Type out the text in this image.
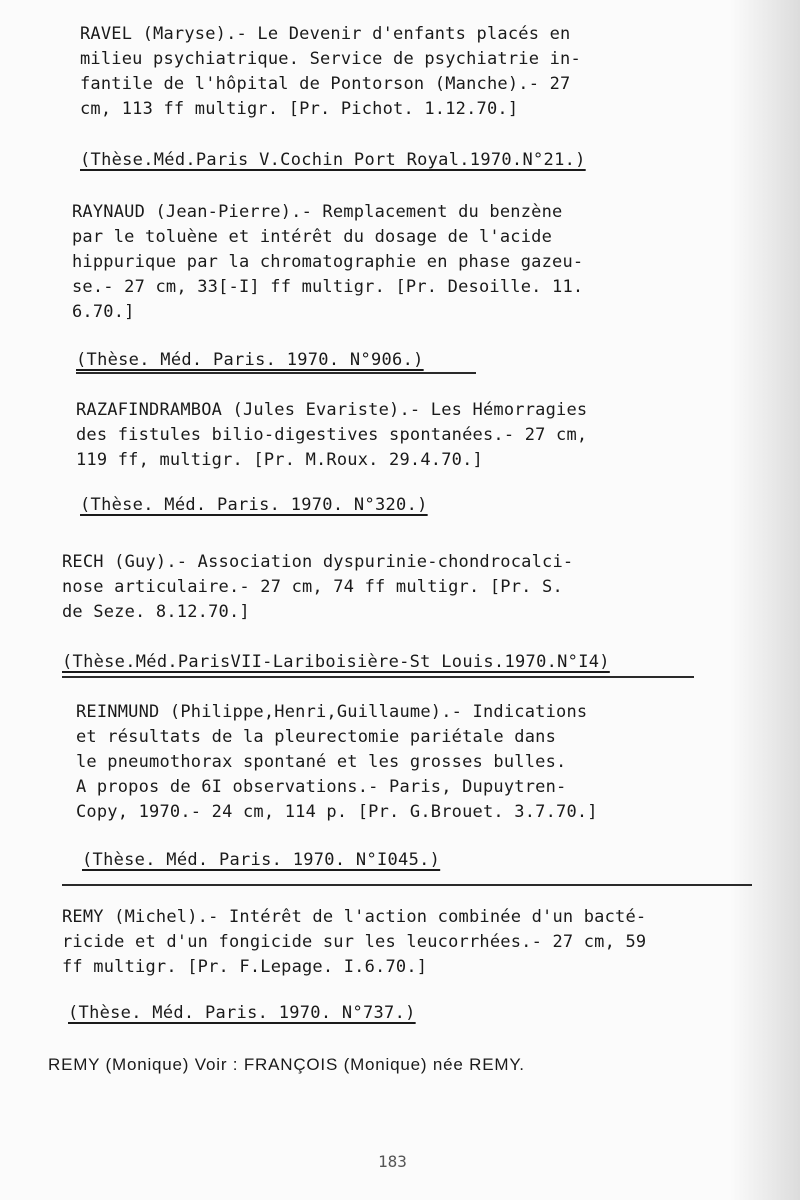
RAVEL (Maryse).- Le Devenir d'enfants placés en
milieu psychiatrique. Service de psychiatrie in-
fantile de l'hôpital de Pontorson (Manche).- 27
cm, 113 ff multigr. [Pr. Pichot. 1.12.70.]

(Thèse.Méd.Paris V.Cochin Port Royal.1970.N°21.)

RAYNAUD (Jean-Pierre).- Remplacement du benzène
par le toluène et intérêt du dosage de l'acide
hippurique par la chromatographie en phase gazeu-
se.- 27 cm, 33[-I] ff multigr. [Pr. Desoille. 11.
6.70.]

(Thèse. Méd. Paris. 1970. N°906.)

RAZAFINDRAMBOA (Jules Evariste).- Les Hémorragies
des fistules bilio-digestives spontanées.- 27 cm,
119 ff, multigr. [Pr. M.Roux. 29.4.70.]

(Thèse. Méd. Paris. 1970. N°320.)

RECH (Guy).- Association dyspurinie-chondrocalci-
nose articulaire.- 27 cm, 74 ff multigr. [Pr. S.
de Seze. 8.12.70.]

(Thèse.Méd.ParisVII-Lariboisière-St Louis.1970.N°I4)

REINMUND (Philippe,Henri,Guillaume).- Indications
et résultats de la pleurectomie pariétale dans
le pneumothorax spontané et les grosses bulles.
A propos de 6I observations.- Paris, Dupuytren-
Copy, 1970.- 24 cm, 114 p. [Pr. G.Brouet. 3.7.70.]

(Thèse. Méd. Paris. 1970. N°I045.)

REMY (Michel).- Intérêt de l'action combinée d'un bacté-
ricide et d'un fongicide sur les leucorrhées.- 27 cm, 59
ff multigr. [Pr. F.Lepage. I.6.70.]

(Thèse. Méd. Paris. 1970. N°737.)
REMY (Monique) Voir : FRANÇOIS (Monique) née REMY.
183
